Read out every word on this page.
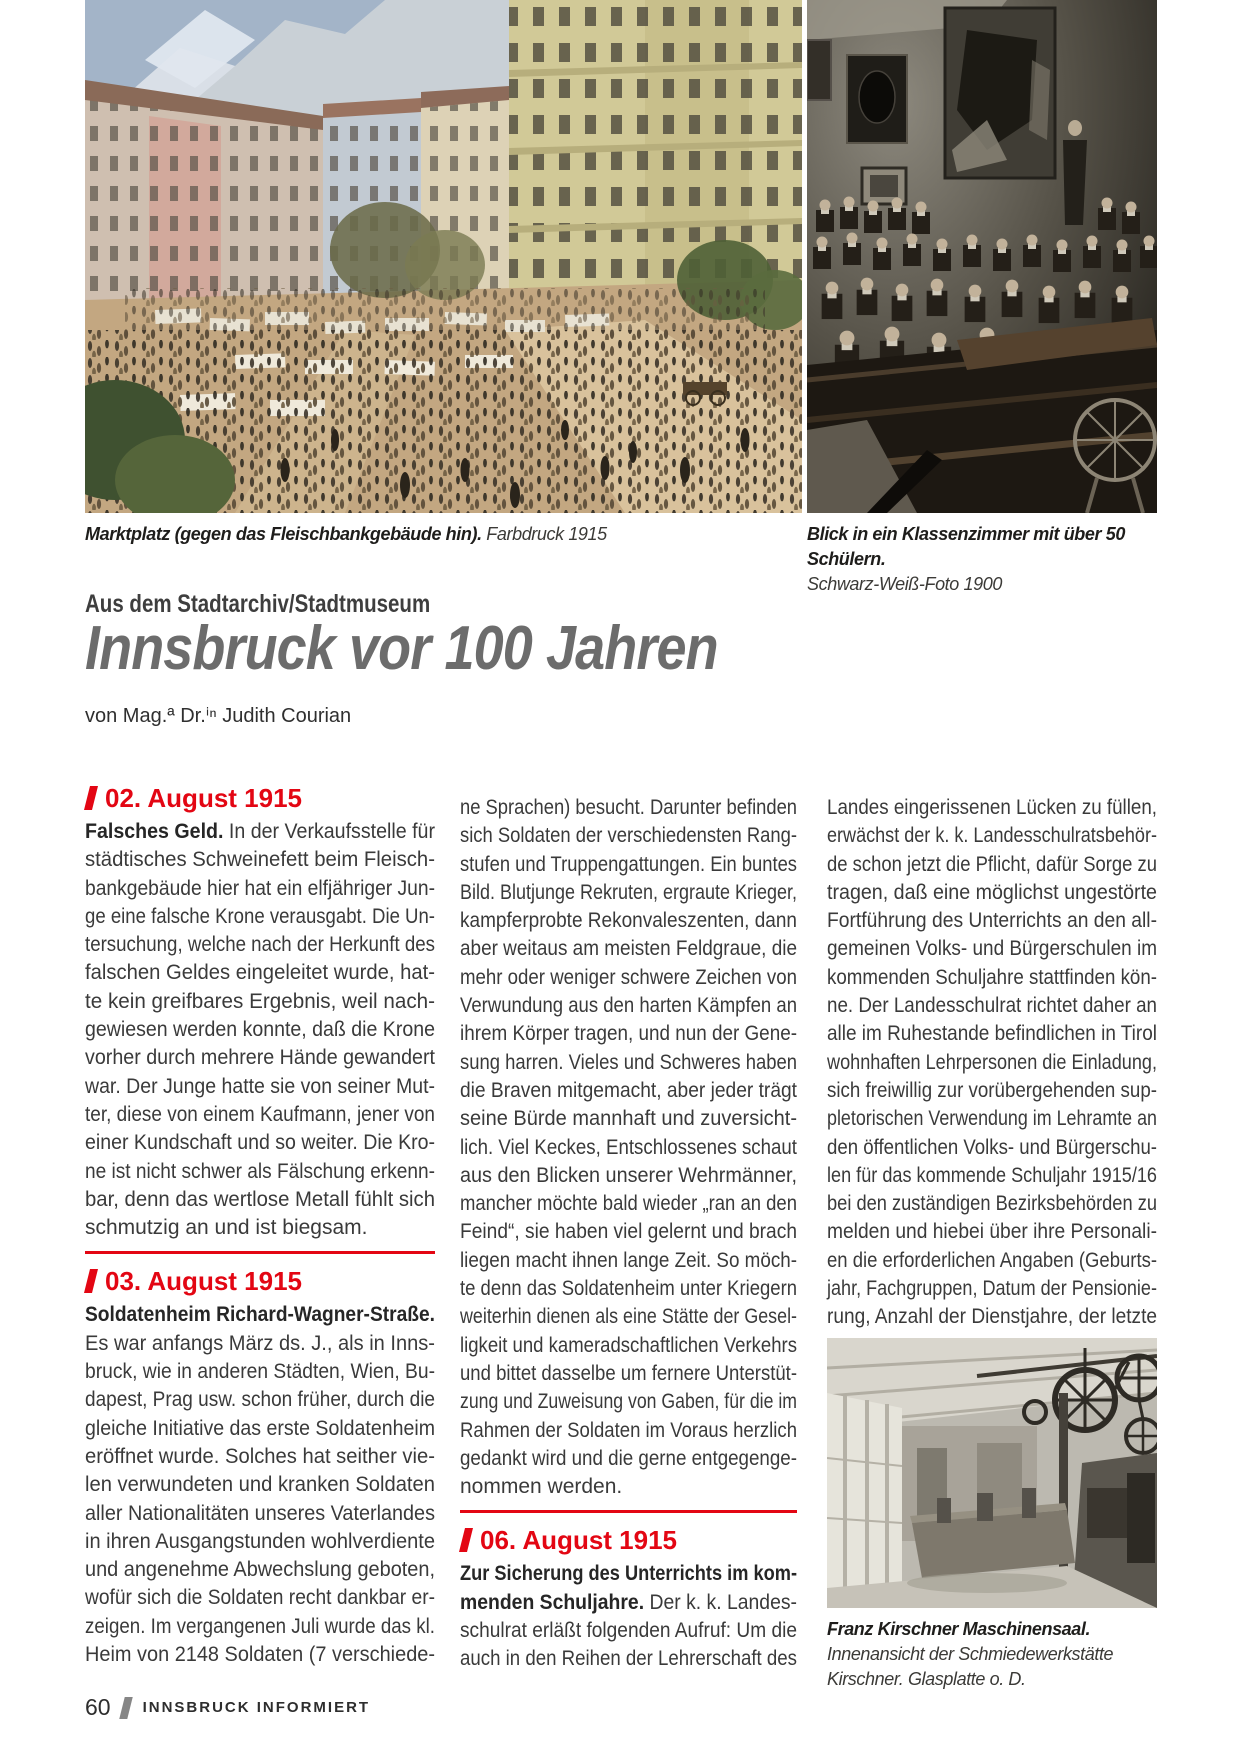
Marktplatz (gegen das Fleischbankgebäude hin). Farbdruck 1915	Blick in ein Klassenzimmer mit über 50 Schülern.
Schwarz-Weiß-Foto 1900
Aus dem Stadtarchiv/Stadtmuseum
Innsbruck vor 100 Jahren
von Mag.ª Dr.ⁱⁿ Judith Courian
02. August 1915
Falsches Geld. In der Verkaufsstelle für
städtisches Schweinefett beim Fleisch-
bankgebäude hier hat ein elfjähriger Jun-
ge eine falsche Krone verausgabt. Die Un-
tersuchung, welche nach der Herkunft des
falschen Geldes eingeleitet wurde, hat-
te kein greifbares Ergebnis, weil nach-
gewiesen werden konnte, daß die Krone
vorher durch mehrere Hände gewandert
war. Der Junge hatte sie von seiner Mut-
ter, diese von einem Kaufmann, jener von
einer Kundschaft und so weiter. Die Kro-
ne ist nicht schwer als Fälschung erkenn-
bar, denn das wertlose Metall fühlt sich
schmutzig an und ist biegsam.
03. August 1915
Soldatenheim Richard-Wagner-Straße.
Es war anfangs März ds. J., als in Inns-
bruck, wie in anderen Städten, Wien, Bu-
dapest, Prag usw. schon früher, durch die
gleiche Initiative das erste Soldatenheim
eröffnet wurde. Solches hat seither vie-
len verwundeten und kranken Soldaten
aller Nationalitäten unseres Vaterlandes
in ihren Ausgangstunden wohlverdiente
und angenehme Abwechslung geboten,
wofür sich die Soldaten recht dankbar er-
zeigen. Im vergangenen Juli wurde das kl.
Heim von 2148 Soldaten (7 verschiede-
ne Sprachen) besucht. Darunter befinden
sich Soldaten der verschiedensten Rang-
stufen und Truppengattungen. Ein buntes
Bild. Blutjunge Rekruten, ergraute Krieger,
kampferprobte Rekonvaleszenten, dann
aber weitaus am meisten Feldgraue, die
mehr oder weniger schwere Zeichen von
Verwundung aus den harten Kämpfen an
ihrem Körper tragen, und nun der Gene-
sung harren. Vieles und Schweres haben
die Braven mitgemacht, aber jeder trägt
seine Bürde mannhaft und zuversicht-
lich. Viel Keckes, Entschlossenes schaut
aus den Blicken unserer Wehrmänner,
mancher möchte bald wieder „ran an den
Feind“, sie haben viel gelernt und brach
liegen macht ihnen lange Zeit. So möch-
te denn das Soldatenheim unter Kriegern
weiterhin dienen als eine Stätte der Gesel-
ligkeit und kameradschaftlichen Verkehrs
und bittet dasselbe um fernere Unterstüt-
zung und Zuweisung von Gaben, für die im
Rahmen der Soldaten im Voraus herzlich
gedankt wird und die gerne entgegenge-
nommen werden.
06. August 1915
Zur Sicherung des Unterrichts im kom-
menden Schuljahre. Der k. k. Landes-
schulrat erläßt folgenden Aufruf: Um die
auch in den Reihen der Lehrerschaft des
Landes eingerissenen Lücken zu füllen,
erwächst der k. k. Landesschulratsbehör-
de schon jetzt die Pflicht, dafür Sorge zu
tragen, daß eine möglichst ungestörte
Fortführung des Unterrichts an den all-
gemeinen Volks- und Bürgerschulen im
kommenden Schuljahre stattfinden kön-
ne. Der Landesschulrat richtet daher an
alle im Ruhestande befindlichen in Tirol
wohnhaften Lehrpersonen die Einladung,
sich freiwillig zur vorübergehenden sup-
pletorischen Verwendung im Lehramte an
den öffentlichen Volks- und Bürgerschu-
len für das kommende Schuljahr 1915/16
bei den zuständigen Bezirksbehörden zu
melden und hiebei über ihre Personali-
en die erforderlichen Angaben (Geburts-
jahr, Fachgruppen, Datum der Pensionie-
rung, Anzahl der Dienstjahre, der letzte
Franz Kirschner Maschinensaal. Innenansicht der Schmiedewerkstätte Kirschner. Glasplatte o. D.
60 INNSBRUCK INFORMIERT
